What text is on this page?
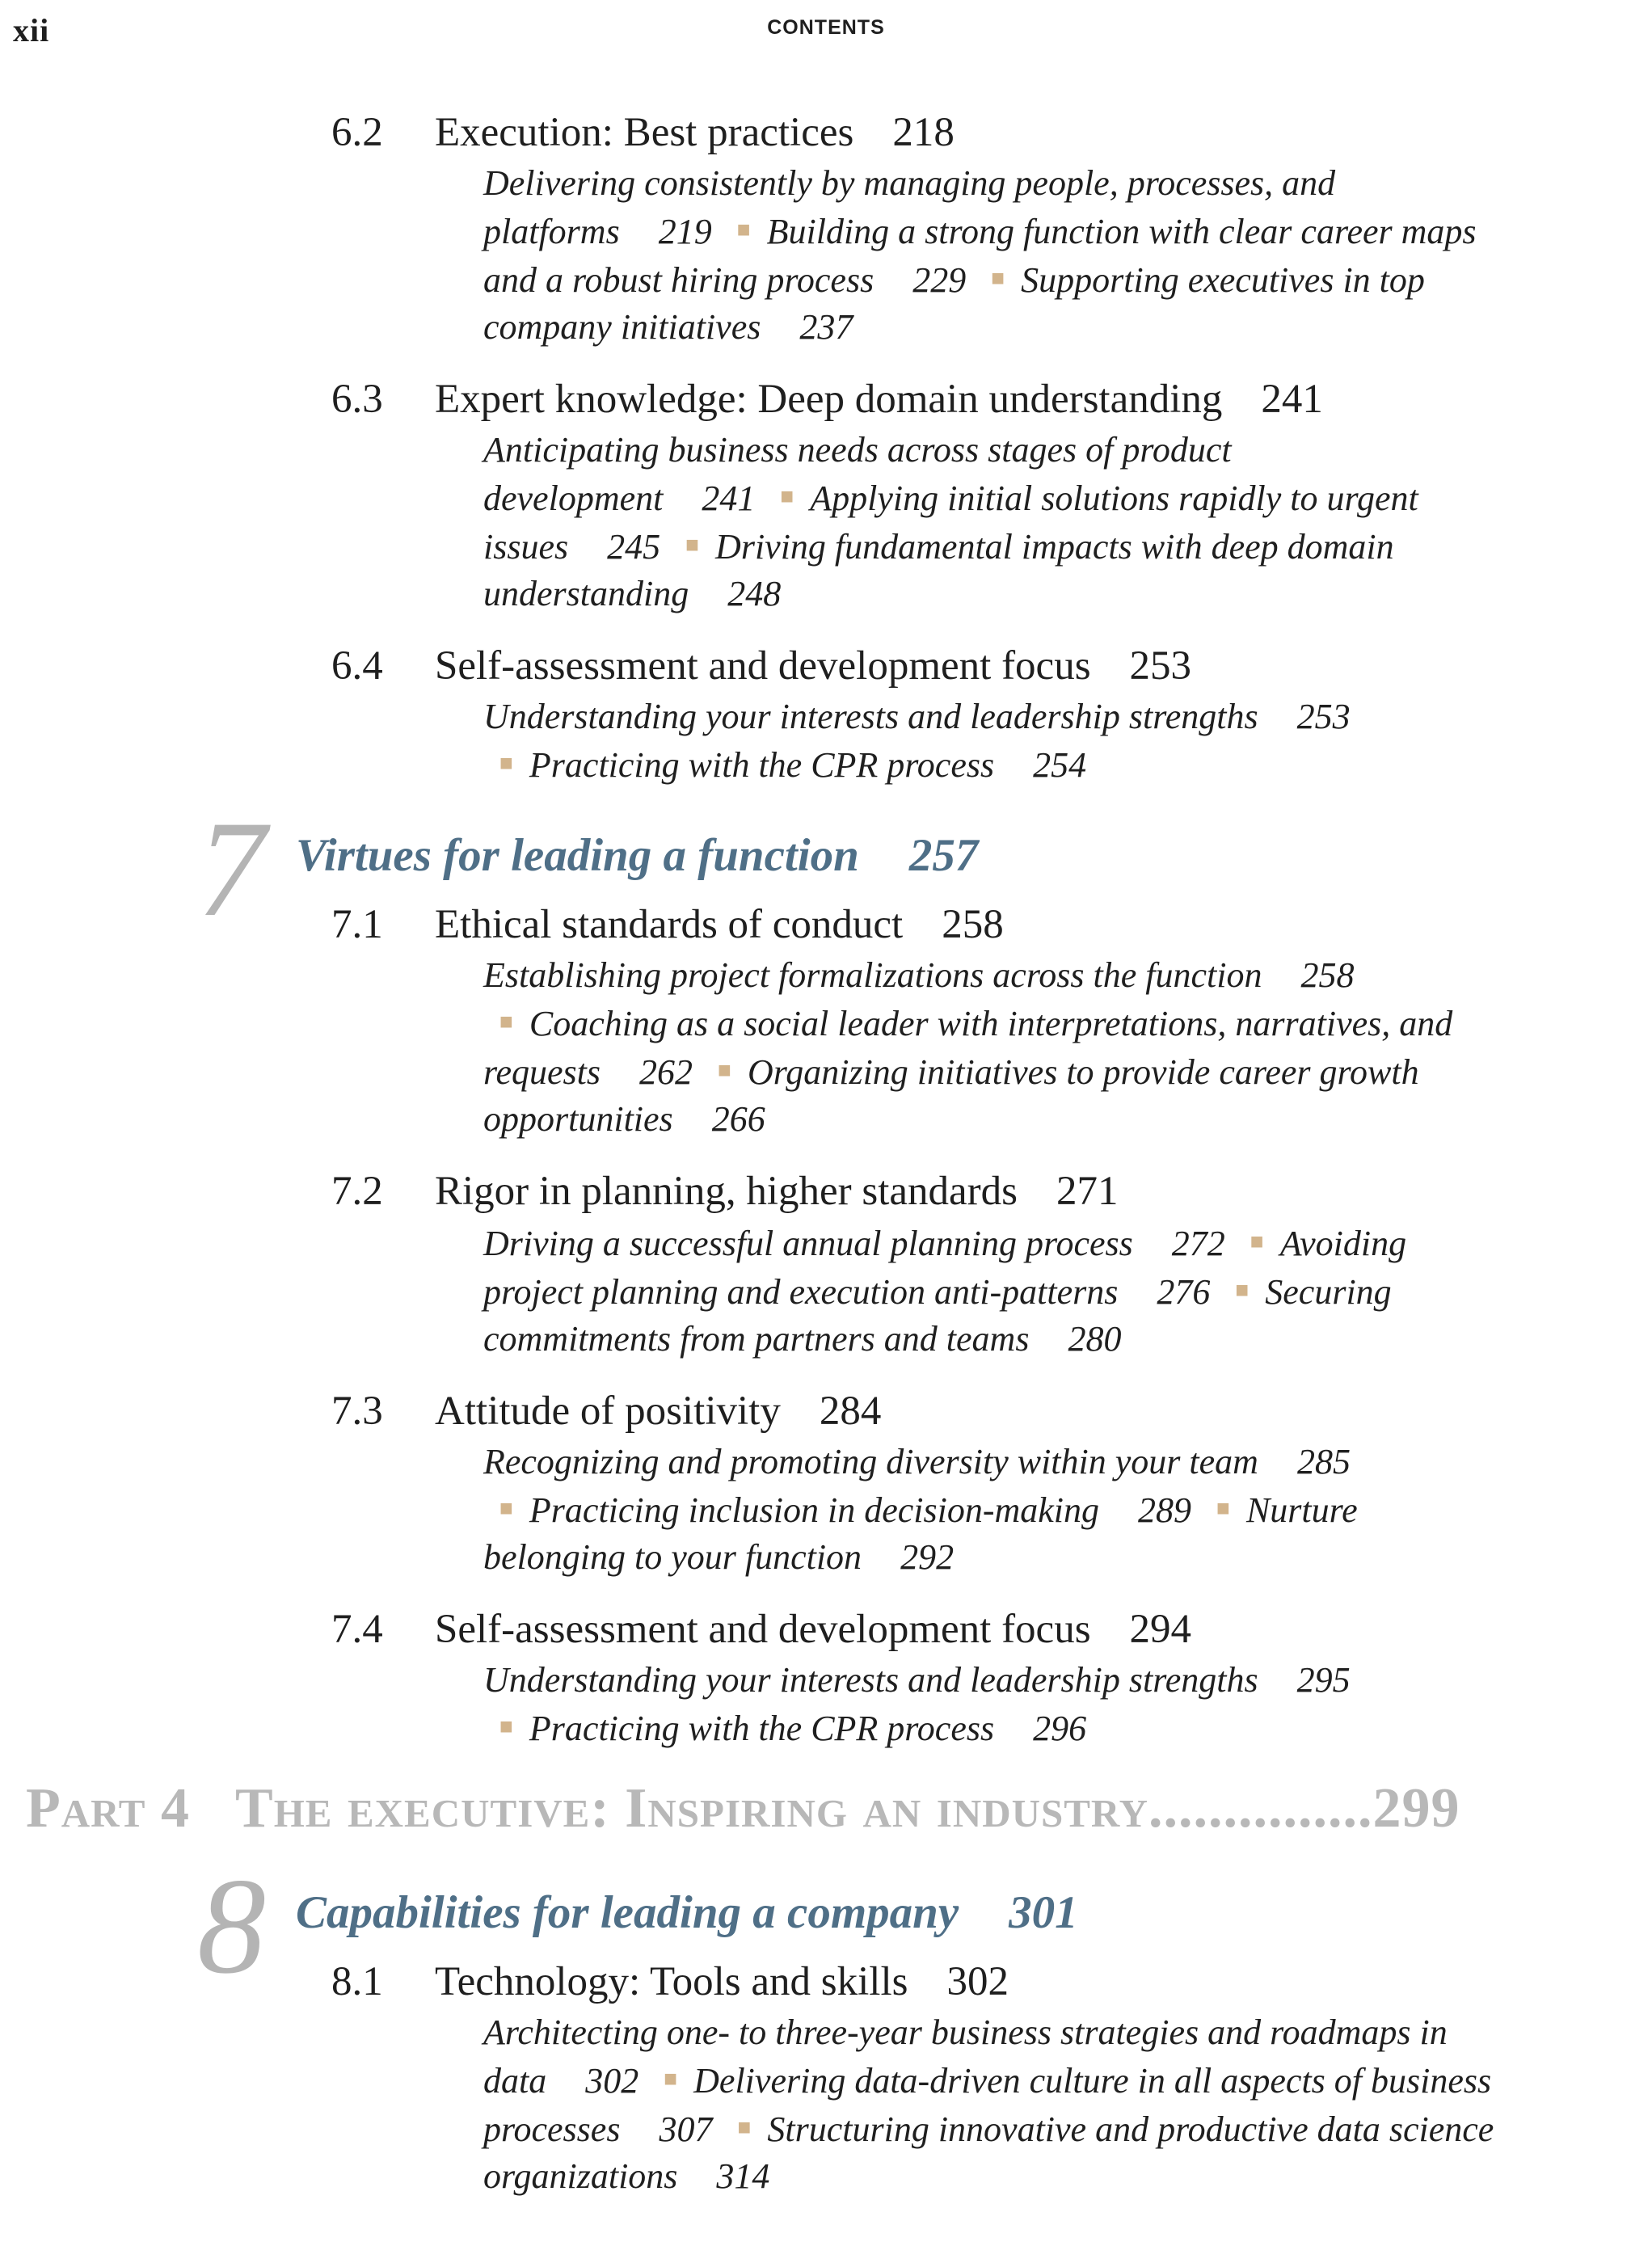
xii	CONTENTS
6.2	Execution: Best practices 218
Delivering consistently by managing people, processes, and platforms 219 ■ Building a strong function with clear career maps and a robust hiring process 229 ■ Supporting executives in top company initiatives 237
6.3	Expert knowledge: Deep domain understanding 241
Anticipating business needs across stages of product development 241 ■ Applying initial solutions rapidly to urgent issues 245 ■ Driving fundamental impacts with deep domain understanding 248
6.4	Self-assessment and development focus 253
Understanding your interests and leadership strengths 253 ■ Practicing with the CPR process 254
7 Virtues for leading a function 257
7.1	Ethical standards of conduct 258
Establishing project formalizations across the function 258 ■ Coaching as a social leader with interpretations, narratives, and requests 262 ■ Organizing initiatives to provide career growth opportunities 266
7.2	Rigor in planning, higher standards 271
Driving a successful annual planning process 272 ■ Avoiding project planning and execution anti-patterns 276 ■ Securing commitments from partners and teams 280
7.3	Attitude of positivity 284
Recognizing and promoting diversity within your team 285 ■ Practicing inclusion in decision-making 289 ■ Nurture belonging to your function 292
7.4	Self-assessment and development focus 294
Understanding your interests and leadership strengths 295 ■ Practicing with the CPR process 296
Part 4 The executive: Inspiring an industry...............299
8 Capabilities for leading a company 301
8.1	Technology: Tools and skills 302
Architecting one- to three-year business strategies and roadmaps in data 302 ■ Delivering data-driven culture in all aspects of business processes 307 ■ Structuring innovative and productive data science organizations 314
